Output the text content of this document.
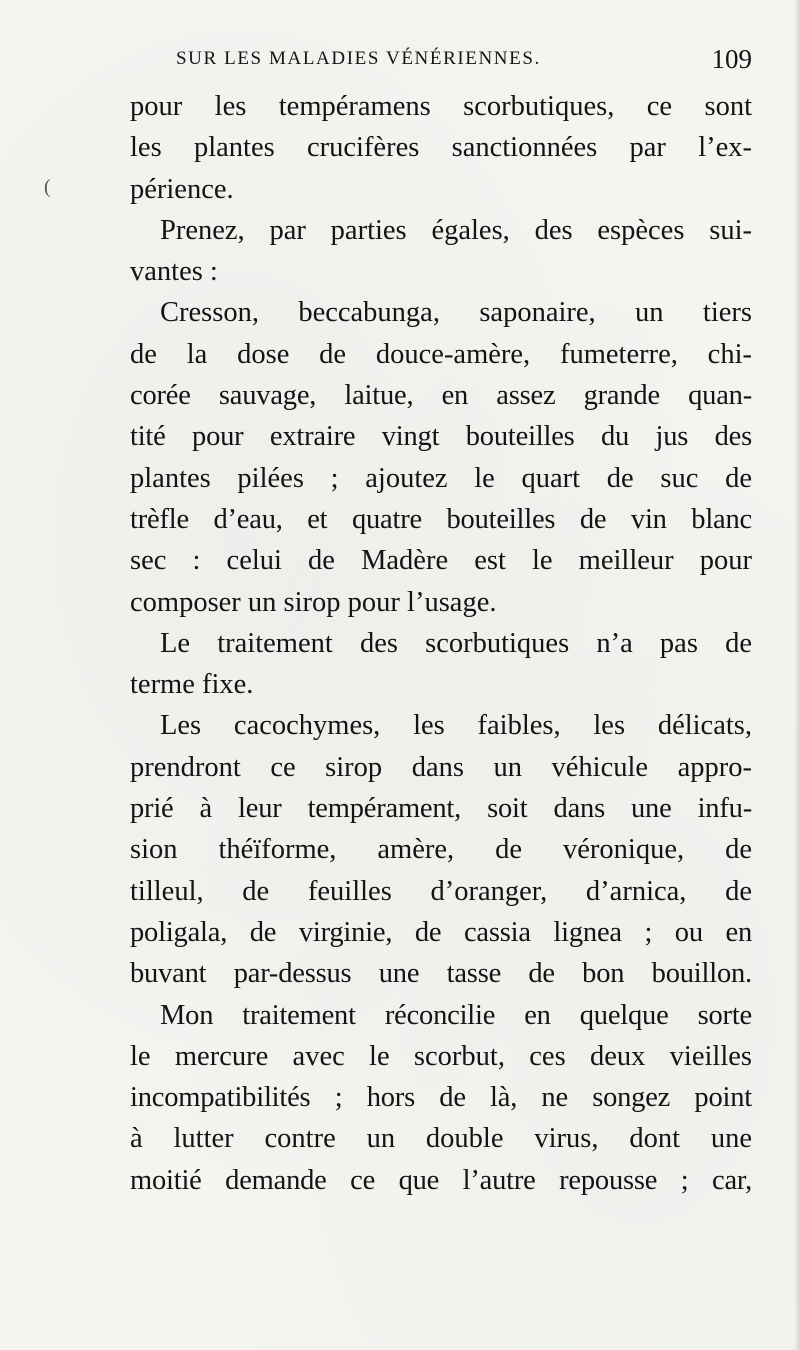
SUR LES MALADIES VÉNÉRIENNES.	109
(
pour les tempéramens scorbutiques, ce sont
les plantes crucifères sanctionnées par l’ex-
périence.
Prenez, par parties égales, des espèces sui-
vantes :
Cresson, beccabunga, saponaire, un tiers
de la dose de douce-amère, fumeterre, chi-
corée sauvage, laitue, en assez grande quan-
tité pour extraire vingt bouteilles du jus des
plantes pilées ; ajoutez le quart de suc de
trèfle d’eau, et quatre bouteilles de vin blanc
sec : celui de Madère est le meilleur pour
composer un sirop pour l’usage.
Le traitement des scorbutiques n’a pas de
terme fixe.
Les cacochymes, les faibles, les délicats,
prendront ce sirop dans un véhicule appro-
prié à leur tempérament, soit dans une infu-
sion théïforme, amère, de véronique, de
tilleul, de feuilles d’oranger, d’arnica, de
poligala, de virginie, de cassia lignea ; ou en
buvant par-dessus une tasse de bon bouillon.
Mon traitement réconcilie en quelque sorte
le mercure avec le scorbut, ces deux vieilles
incompatibilités ; hors de là, ne songez point
à lutter contre un double virus, dont une
moitié demande ce que l’autre repousse ; car,
